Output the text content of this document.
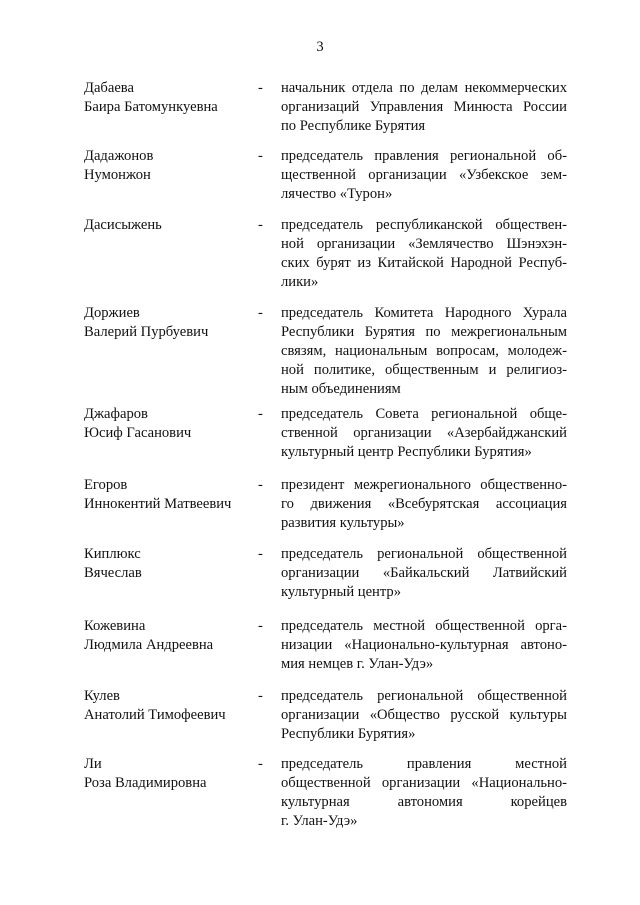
3
Дабаева
Баира Батомункуевна
- начальник отдела по делам некоммерческих
организаций Управления Минюста России
по Республике Бурятия
Дадажонов
Нумонжон
- председатель правления региональной об-
щественной организации «Узбекское зем-
лячество «Турон»
Дасисыжень	- председатель республиканской обществен-
ной организации «Землячество Шэнэхэн-
ских бурят из Китайской Народной Респуб-
лики»
Доржиев
Валерий Пурбуевич
- председатель Комитета Народного Хурала
Республики Бурятия по межрегиональным
связям, национальным вопросам, молодеж-
ной политике, общественным и религиоз-
ным объединениям
Джафаров
Юсиф Гасанович
- председатель Совета региональной обще-
ственной организации «Азербайджанский
культурный центр Республики Бурятия»
Егоров
Иннокентий Матвеевич
- президент межрегионального общественно-
го движения «Всебурятская ассоциация
развития культуры»
Киплюкс
Вячеслав
- председатель региональной общественной
организации «Байкальский Латвийский
культурный центр»
Кожевина
Людмила Андреевна
- председатель местной общественной орга-
низации «Национально-культурная автоно-
мия немцев г. Улан-Удэ»
Кулев
Анатолий Тимофеевич
- председатель региональной общественной
организации «Общество русской культуры
Республики Бурятия»
Ли
Роза Владимировна
- председатель правления местной
общественной организации «Национально-
культурная автономия корейцев
г. Улан-Удэ»
